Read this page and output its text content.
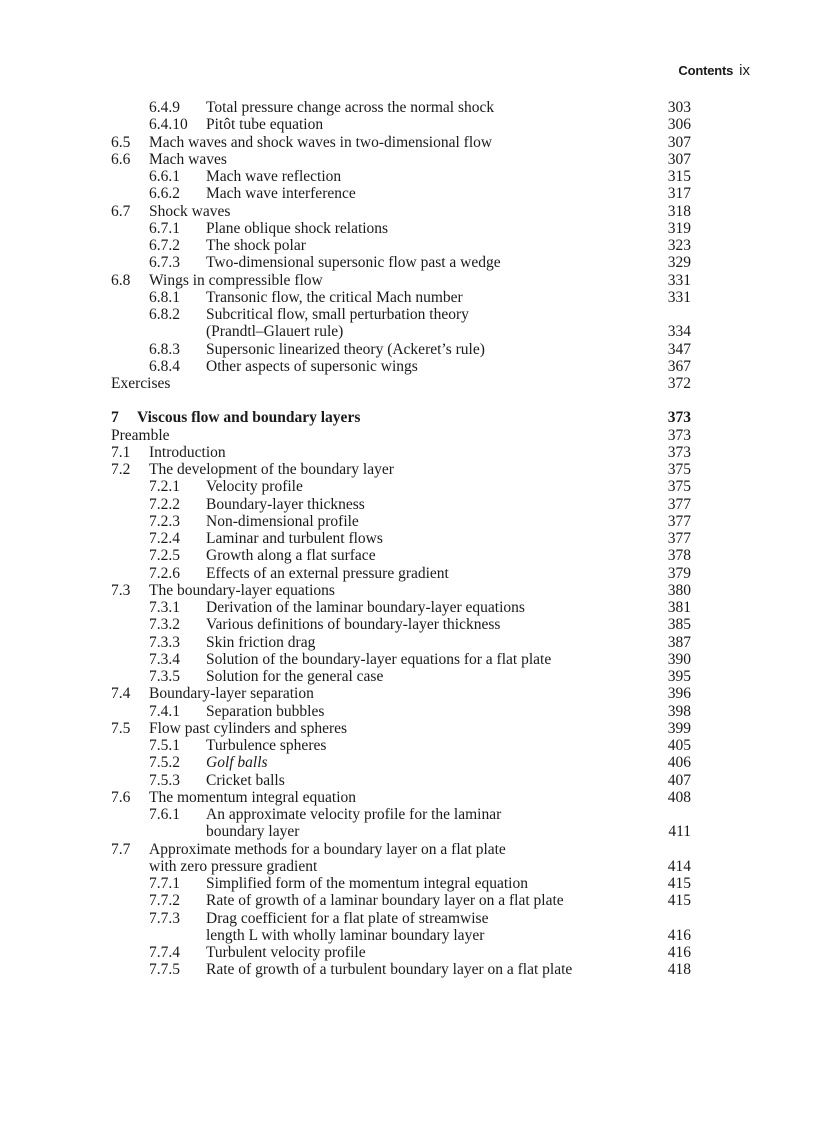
Contents ix
6.4.9 Total pressure change across the normal shock	303
6.4.10 Pitôt tube equation	306
6.5 Mach waves and shock waves in two-dimensional flow	307
6.6 Mach waves	307
6.6.1 Mach wave reflection	315
6.6.2 Mach wave interference	317
6.7 Shock waves	318
6.7.1 Plane oblique shock relations	319
6.7.2 The shock polar	323
6.7.3 Two-dimensional supersonic flow past a wedge	329
6.8 Wings in compressible flow	331
6.8.1 Transonic flow, the critical Mach number	331
6.8.2 Subcritical flow, small perturbation theory
(Prandtl–Glauert rule)	334
6.8.3 Supersonic linearized theory (Ackeret’s rule)	347
6.8.4 Other aspects of supersonic wings	367
Exercises	372
7 Viscous flow and boundary layers	373
Preamble	373
7.1 Introduction	373
7.2 The development of the boundary layer	375
7.2.1 Velocity profile	375
7.2.2 Boundary-layer thickness	377
7.2.3 Non-dimensional profile	377
7.2.4 Laminar and turbulent flows	377
7.2.5 Growth along a flat surface	378
7.2.6 Effects of an external pressure gradient	379
7.3 The boundary-layer equations	380
7.3.1 Derivation of the laminar boundary-layer equations	381
7.3.2 Various definitions of boundary-layer thickness	385
7.3.3 Skin friction drag	387
7.3.4 Solution of the boundary-layer equations for a flat plate	390
7.3.5 Solution for the general case	395
7.4 Boundary-layer separation	396
7.4.1 Separation bubbles	398
7.5 Flow past cylinders and spheres	399
7.5.1 Turbulence spheres	405
7.5.2 Golf balls	406
7.5.3 Cricket balls	407
7.6 The momentum integral equation	408
7.6.1 An approximate velocity profile for the laminar
boundary layer	411
7.7 Approximate methods for a boundary layer on a flat plate
with zero pressure gradient	414
7.7.1 Simplified form of the momentum integral equation	415
7.7.2 Rate of growth of a laminar boundary layer on a flat plate	415
7.7.3 Drag coefficient for a flat plate of streamwise
length L with wholly laminar boundary layer	416
7.7.4 Turbulent velocity profile	416
7.7.5 Rate of growth of a turbulent boundary layer on a flat plate	418
